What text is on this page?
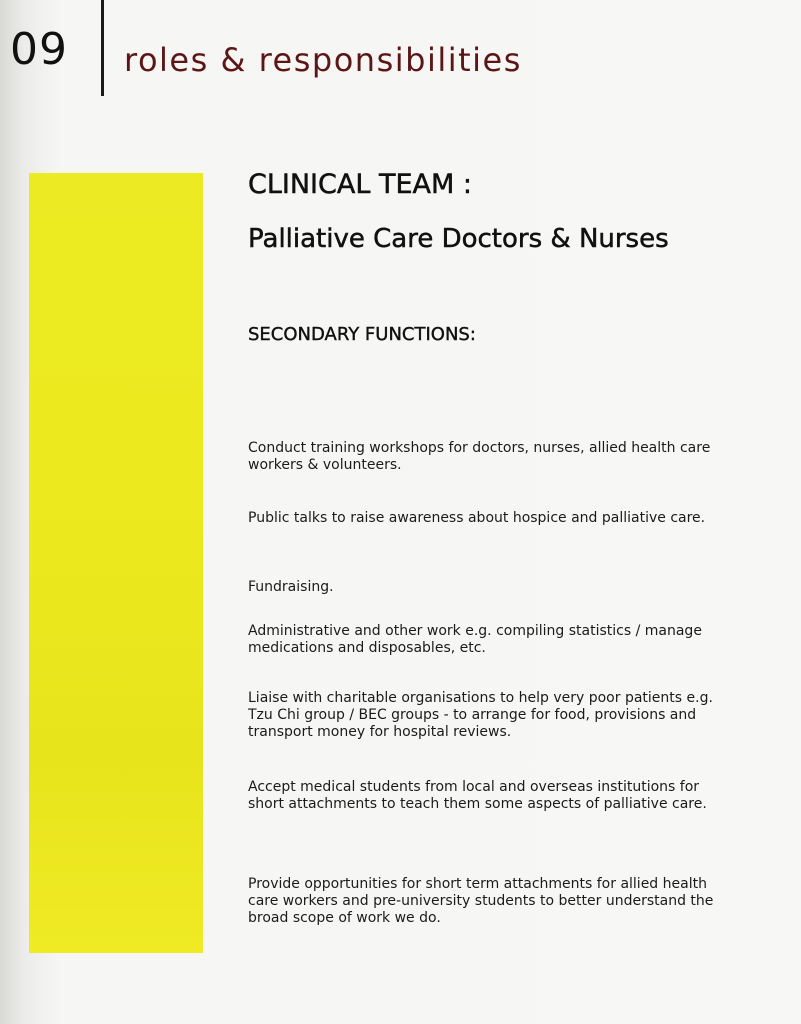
09 roles & responsibilities
CLINICAL TEAM :
Palliative Care Doctors & Nurses
SECONDARY FUNCTIONS:
Conduct training workshops for doctors, nurses, allied health care workers & volunteers.
Public talks to raise awareness about hospice and palliative care.
Fundraising.
Administrative and other work e.g. compiling statistics / manage medications and disposables, etc.
Liaise with charitable organisations to help very poor patients e.g. Tzu Chi group / BEC groups - to arrange for food, provisions and transport money for hospital reviews.
Accept medical students from local and overseas institutions for short attachments to teach them some aspects of palliative care.
Provide opportunities for short term attachments for allied health care workers and pre-university students to better understand the broad scope of work we do.
